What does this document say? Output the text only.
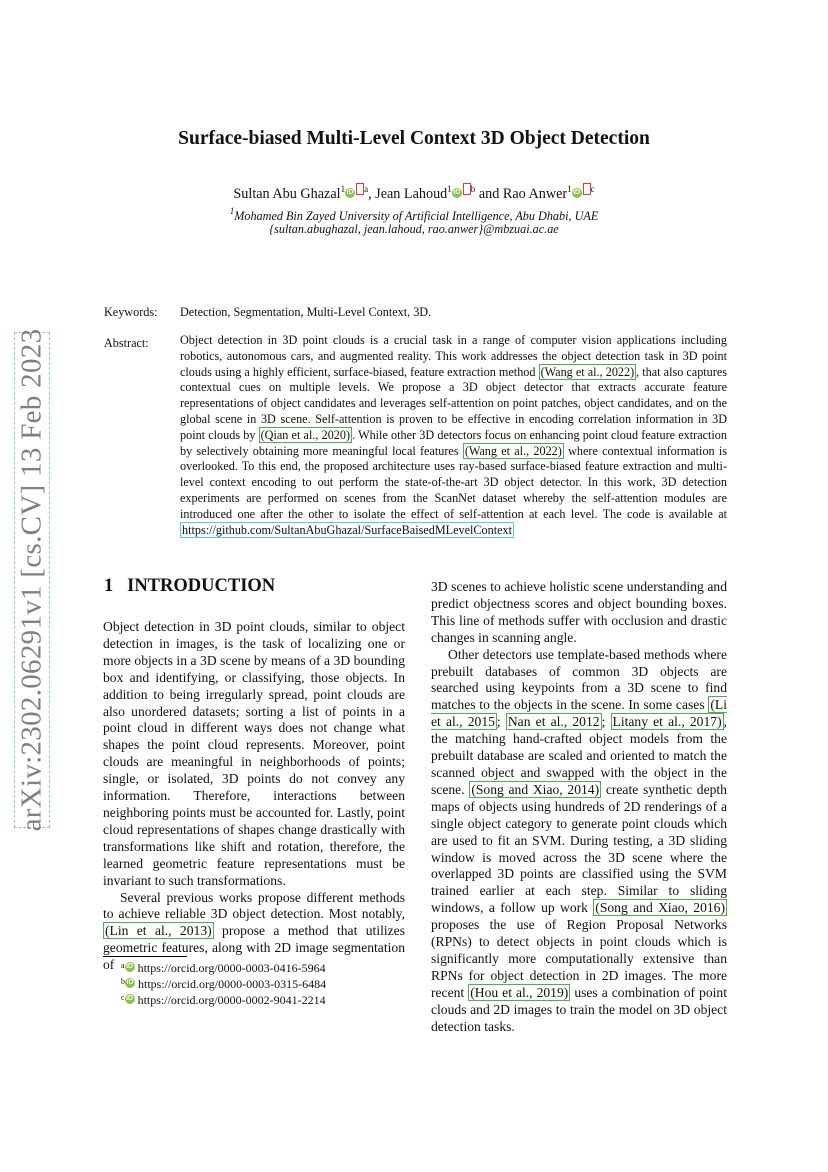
arXiv:2302.06291v1 [cs.CV] 13 Feb 2023
Surface-biased Multi-Level Context 3D Object Detection
Sultan Abu Ghazal$^1$ iD $^a$, Jean Lahoud$^1$ iD $^b$ and Rao Anwer$^1$ iD $^c$
$^1$Mohamed Bin Zayed University of Artificial Intelligence, Abu Dhabi, UAE
{sultan.abughazal, jean.lahoud, rao.anwer}@mbzuai.ac.ae
Keywords: Detection, Segmentation, Multi-Level Context, 3D.
Abstract:	Object detection in 3D point clouds is a crucial task in a range of computer vision applications including robotics, autonomous cars, and augmented reality. This work addresses the object detection task in 3D point clouds using a highly efficient, surface-biased, feature extraction method (Wang et al., 2022) , that also captures contextual cues on multiple levels. We propose a 3D object detector that extracts accurate feature representations of object candidates and leverages self-attention on point patches, object candidates, and on the global scene in 3D scene. Self-attention is proven to be effective in encoding correlation information in 3D point clouds by (Qian et al., 2020) . While other 3D detectors focus on enhancing point cloud feature extraction by selectively obtaining more meaningful local features (Wang et al., 2022) where contextual information is overlooked. To this end, the proposed architecture uses ray-based surface-biased feature extraction and multi-level context encoding to out perform the state-of-the-art 3D object detector. In this work, 3D detection experiments are performed on scenes from the ScanNet dataset whereby the self-attention modules are introduced one after the other to isolate the effect of self-attention at each level. The code is available at https://github.com/SultanAbuGhazal/SurfaceBaisedMLevelContext
1 INTRODUCTION

Object detection in 3D point clouds, similar to object detection in images, is the task of localizing one or more objects in a 3D scene by means of a 3D bounding box and identifying, or classifying, those objects. In addition to being irregularly spread, point clouds are also unordered datasets; sorting a list of points in a point cloud in different ways does not change what shapes the point cloud represents. Moreover, point clouds are meaningful in neighborhoods of points; single, or isolated, 3D points do not convey any information. Therefore, interactions between neighboring points must be accounted for. Lastly, point cloud representations of shapes change drastically with transformations like shift and rotation, therefore, the learned geometric feature representations must be invariant to such transformations.

Several previous works propose different methods to achieve reliable 3D object detection. Most notably, (Lin et al., 2013) propose a method that utilizes geometric features, along with 2D image segmentation of

3D scenes to achieve holistic scene understanding and predict objectness scores and object bounding boxes. This line of methods suffer with occlusion and drastic changes in scanning angle.

Other detectors use template-based methods where prebuilt databases of common 3D objects are searched using keypoints from a 3D scene to find matches to the objects in the scene. In some cases (Li et al., 2015 ; Nan et al., 2012 ; Litany et al., 2017) , the matching hand-crafted object models from the prebuilt database are scaled and oriented to match the scanned object and swapped with the object in the scene. (Song and Xiao, 2014) create synthetic depth maps of objects using hundreds of 2D renderings of a single object category to generate point clouds which are used to fit an SVM. During testing, a 3D sliding window is moved across the 3D scene where the overlapped 3D points are classified using the SVM trained earlier at each step. Similar to sliding windows, a follow up work (Song and Xiao, 2016) proposes the use of Region Proposal Networks (RPNs) to detect objects in point clouds which is significantly more computationally extensive than RPNs for object detection in 2D images. The more recent (Hou et al., 2019) uses a combination of point clouds and 2D images to train the model on 3D object detection tasks.

$^a$ iD https://orcid.org/0000-0003-0416-5964
$^b$ iD https://orcid.org/0000-0003-0315-6484
$^c$ iD https://orcid.org/0000-0002-9041-2214
